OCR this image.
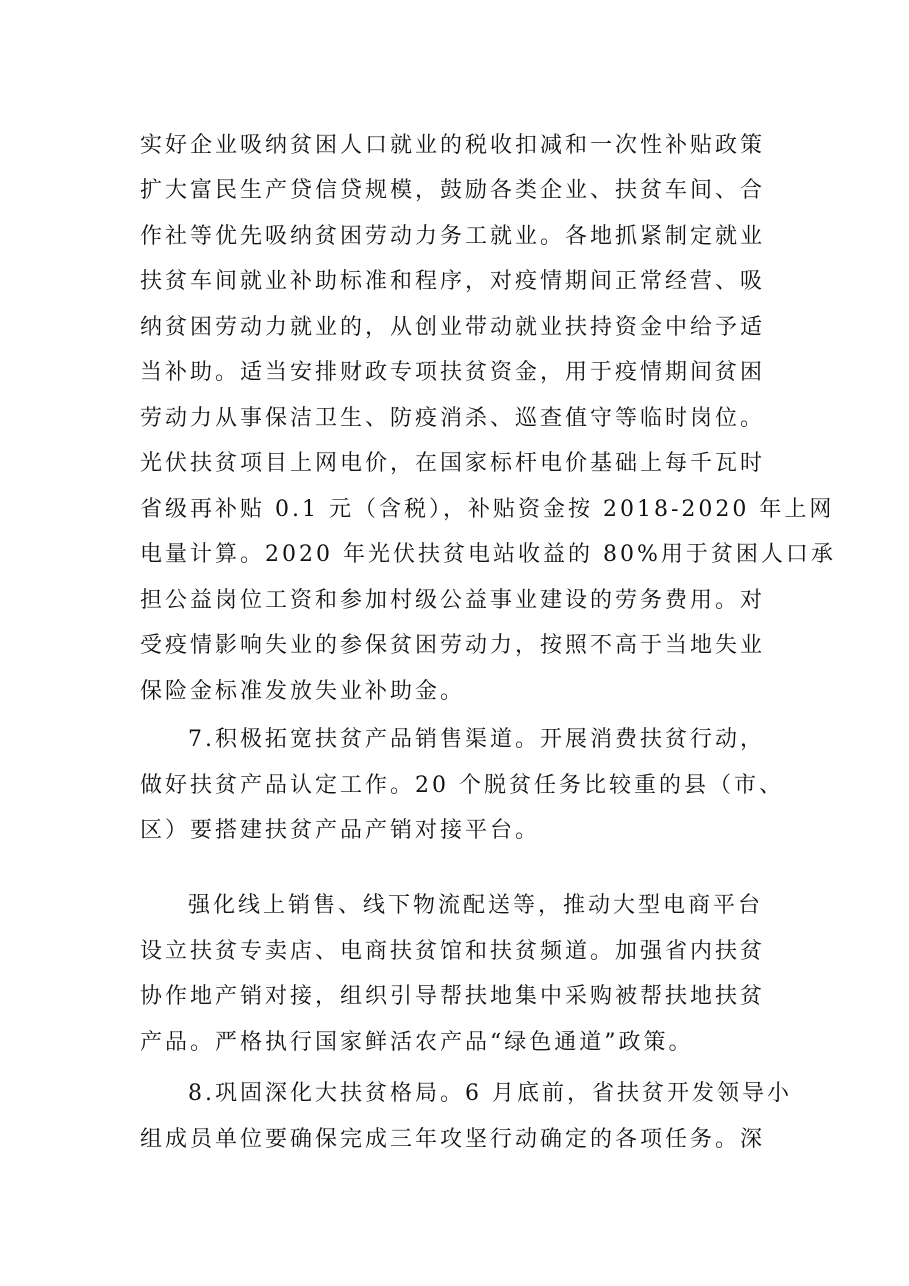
实好企业吸纳贫困人口就业的税收扣减和一次性补贴政策
扩大富民生产贷信贷规模，鼓励各类企业、扶贫车间、合
作社等优先吸纳贫困劳动力务工就业。各地抓紧制定就业
扶贫车间就业补助标准和程序，对疫情期间正常经营、吸
纳贫困劳动力就业的，从创业带动就业扶持资金中给予适
当补助。适当安排财政专项扶贫资金，用于疫情期间贫困
劳动力从事保洁卫生、防疫消杀、巡查值守等临时岗位。
光伏扶贫项目上网电价，在国家标杆电价基础上每千瓦时
省级再补贴 0.1 元（含税），补贴资金按 2018-2020 年上网
电量计算。2020 年光伏扶贫电站收益的 80%用于贫困人口承
担公益岗位工资和参加村级公益事业建设的劳务费用。对
受疫情影响失业的参保贫困劳动力，按照不高于当地失业
保险金标准发放失业补助金。
7.积极拓宽扶贫产品销售渠道。开展消费扶贫行动，
做好扶贫产品认定工作。20 个脱贫任务比较重的县（市、
区）要搭建扶贫产品产销对接平台。
强化线上销售、线下物流配送等，推动大型电商平台
设立扶贫专卖店、电商扶贫馆和扶贫频道。加强省内扶贫
协作地产销对接，组织引导帮扶地集中采购被帮扶地扶贫
产品。严格执行国家鲜活农产品“绿色通道”政策。
8.巩固深化大扶贫格局。6 月底前，省扶贫开发领导小
组成员单位要确保完成三年攻坚行动确定的各项任务。深
